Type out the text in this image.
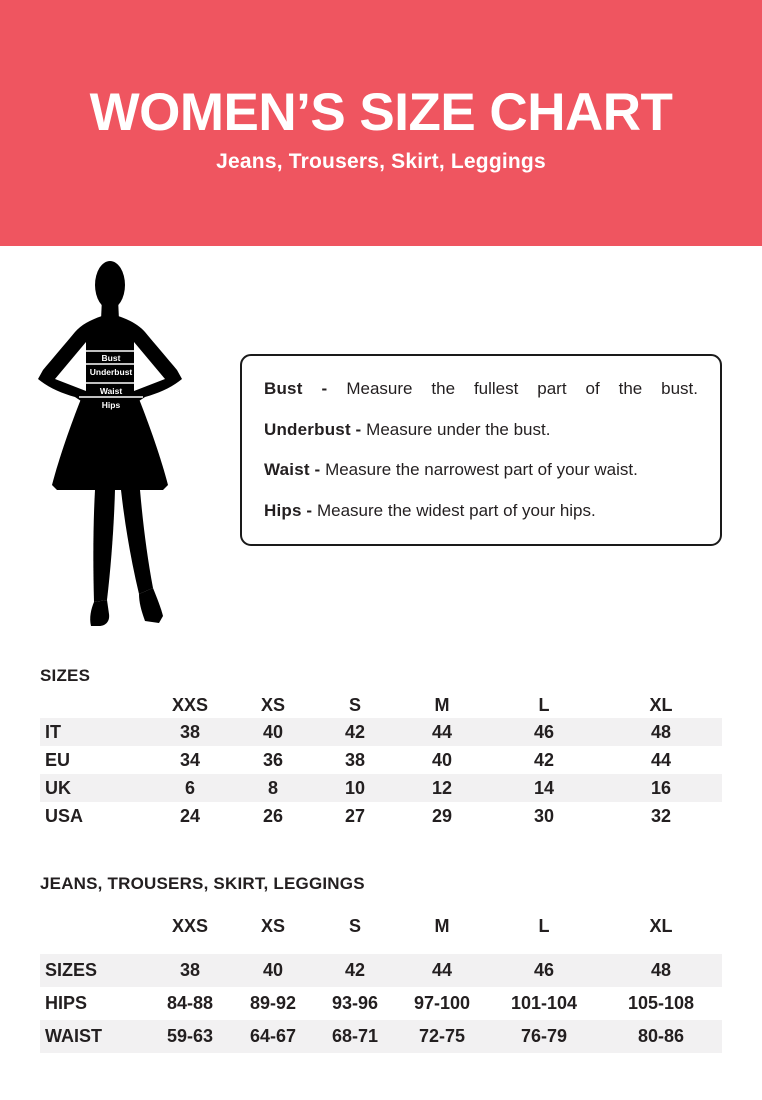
WOMEN’S SIZE CHART
Jeans, Trousers, Skirt, Leggings
Bust
Underbust
Waist
Hips
Bust - Measure the fullest part of the bust.
Underbust - Measure under the bust.
Waist - Measure the narrowest part of your waist.
Hips - Measure the widest part of your hips.
SIZES
	XXS	XS	S	M	L	XL
IT	38	40	42	44	46	48
EU	34	36	38	40	42	44
UK	6	8	10	12	14	16
USA	24	26	27	29	30	32
JEANS, TROUSERS, SKIRT, LEGGINGS
	XXS	XS	S	M	L	XL

SIZES	38	40	42	44	46	48
HIPS	84-88	89-92	93-96	97-100	101-104	105-108
WAIST	59-63	64-67	68-71	72-75	76-79	80-86
